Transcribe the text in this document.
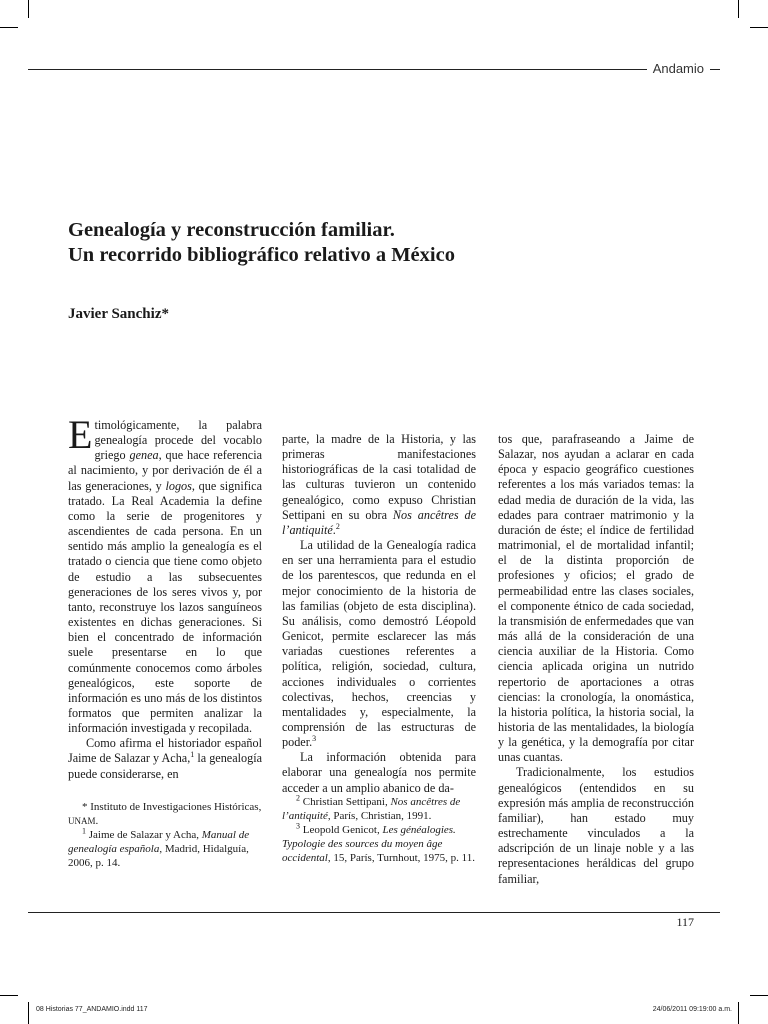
Andamio
Genealogía y reconstrucción familiar.
Un recorrido bibliográfico relativo a México
Javier Sanchiz*

Etimológicamente, la palabra genealogía procede del vocablo griego genea, que hace referencia al nacimiento, y por derivación de él a las generaciones, y logos, que significa tratado. La Real Academia la define como la serie de progenitores y ascendientes de cada persona. En un sentido más amplio la genealogía es el tratado o ciencia que tiene como objeto de estudio a las subsecuentes generaciones de los seres vivos y, por tanto, reconstruye los lazos sanguíneos existentes en dichas generaciones. Si bien el concentrado de información suele presentarse en lo que comúnmente conocemos como árboles genealógicos, este soporte de información es uno más de los distintos formatos que permiten analizar la información investigada y recopilada.

Como afirma el historiador español Jaime de Salazar y Acha,$^1$ la genealogía puede considerarse, en

parte, la madre de la Historia, y las primeras manifestaciones historiográficas de la casi totalidad de las culturas tuvieron un contenido genealógico, como expuso Christian Settipani en su obra Nos ancêtres de l’antiquité.$^2$

La utilidad de la Genealogía radica en ser una herramienta para el estudio de los parentescos, que redunda en el mejor conocimiento de la historia de las familias (objeto de esta disciplina). Su análisis, como demostró Léopold Genicot, permite esclarecer las más variadas cuestiones referentes a política, religión, sociedad, cultura, acciones individuales o corrientes colectivas, hechos, creencias y mentalidades y, especialmente, la comprensión de las estructuras de poder.$^3$

La información obtenida para elaborar una genealogía nos permite acceder a un amplio abanico de da-

tos que, parafraseando a Jaime de Salazar, nos ayudan a aclarar en cada época y espacio geográfico cuestiones referentes a los más variados temas: la edad media de duración de la vida, las edades para contraer matrimonio y la duración de éste; el índice de fertilidad matrimonial, el de mortalidad infantil; el de la distinta proporción de profesiones y oficios; el grado de permeabilidad entre las clases sociales, el componente étnico de cada sociedad, la transmisión de enfermedades que van más allá de la consideración de una ciencia auxiliar de la Historia. Como ciencia aplicada origina un nutrido repertorio de aportaciones a otras ciencias: la cronología, la onomástica, la historia política, la historia social, la historia de las mentalidades, la biología y la genética, y la demografía por citar unas cuantas.

Tradicionalmente, los estudios genealógicos (entendidos en su expresión más amplia de reconstrucción familiar), han estado muy estrechamente vinculados a la adscripción de un linaje noble y a las representaciones heráldicas del grupo familiar,

* Instituto de Investigaciones Históricas, UNAM.

$^1$ Jaime de Salazar y Acha, Manual de genealogía española, Madrid, Hidalguía, 2006, p. 14.

$^2$ Christian Settipani, Nos ancêtres de l’antiquité, París, Christian, 1991.

$^3$ Leopold Genicot, Les généalogies. Typologie des sources du moyen âge occidental, 15, París, Turnhout, 1975, p. 11.

117
08 Historias 77_ANDAMIO.indd 117	24/06/2011 09:19:00 a.m.
